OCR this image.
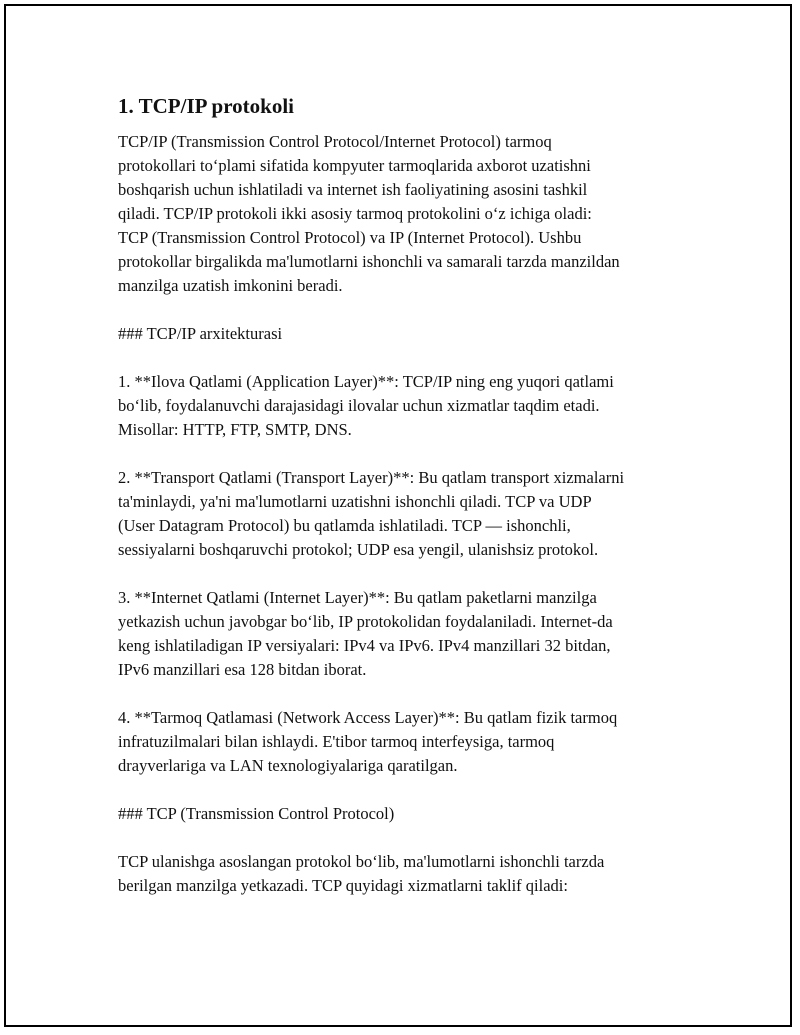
1. TCP/IP protokoli
TCP/IP (Transmission Control Protocol/Internet Protocol) tarmoq
protokollari to‘plami sifatida kompyuter tarmoqlarida axborot uzatishni
boshqarish uchun ishlatiladi va internet ish faoliyatining asosini tashkil
qiladi. TCP/IP protokoli ikki asosiy tarmoq protokolini o‘z ichiga oladi:
TCP (Transmission Control Protocol) va IP (Internet Protocol). Ushbu
protokollar birgalikda ma'lumotlarni ishonchli va samarali tarzda manzildan
manzilga uzatish imkonini beradi.
### TCP/IP arxitekturasi
1. **Ilova Qatlami (Application Layer)**: TCP/IP ning eng yuqori qatlami
bo‘lib, foydalanuvchi darajasidagi ilovalar uchun xizmatlar taqdim etadi.
Misollar: HTTP, FTP, SMTP, DNS.
2. **Transport Qatlami (Transport Layer)**: Bu qatlam transport xizmalarni
ta'minlaydi, ya'ni ma'lumotlarni uzatishni ishonchli qiladi. TCP va UDP
(User Datagram Protocol) bu qatlamda ishlatiladi. TCP — ishonchli,
sessiyalarni boshqaruvchi protokol; UDP esa yengil, ulanishsiz protokol.
3. **Internet Qatlami (Internet Layer)**: Bu qatlam paketlarni manzilga
yetkazish uchun javobgar bo‘lib, IP protokolidan foydalaniladi. Internet-da
keng ishlatiladigan IP versiyalari: IPv4 va IPv6. IPv4 manzillari 32 bitdan,
IPv6 manzillari esa 128 bitdan iborat.
4. **Tarmoq Qatlamasi (Network Access Layer)**: Bu qatlam fizik tarmoq
infratuzilmalari bilan ishlaydi. E'tibor tarmoq interfeysiga, tarmoq
drayverlariga va LAN texnologiyalariga qaratilgan.
### TCP (Transmission Control Protocol)
TCP ulanishga asoslangan protokol bo‘lib, ma'lumotlarni ishonchli tarzda
berilgan manzilga yetkazadi. TCP quyidagi xizmatlarni taklif qiladi:
